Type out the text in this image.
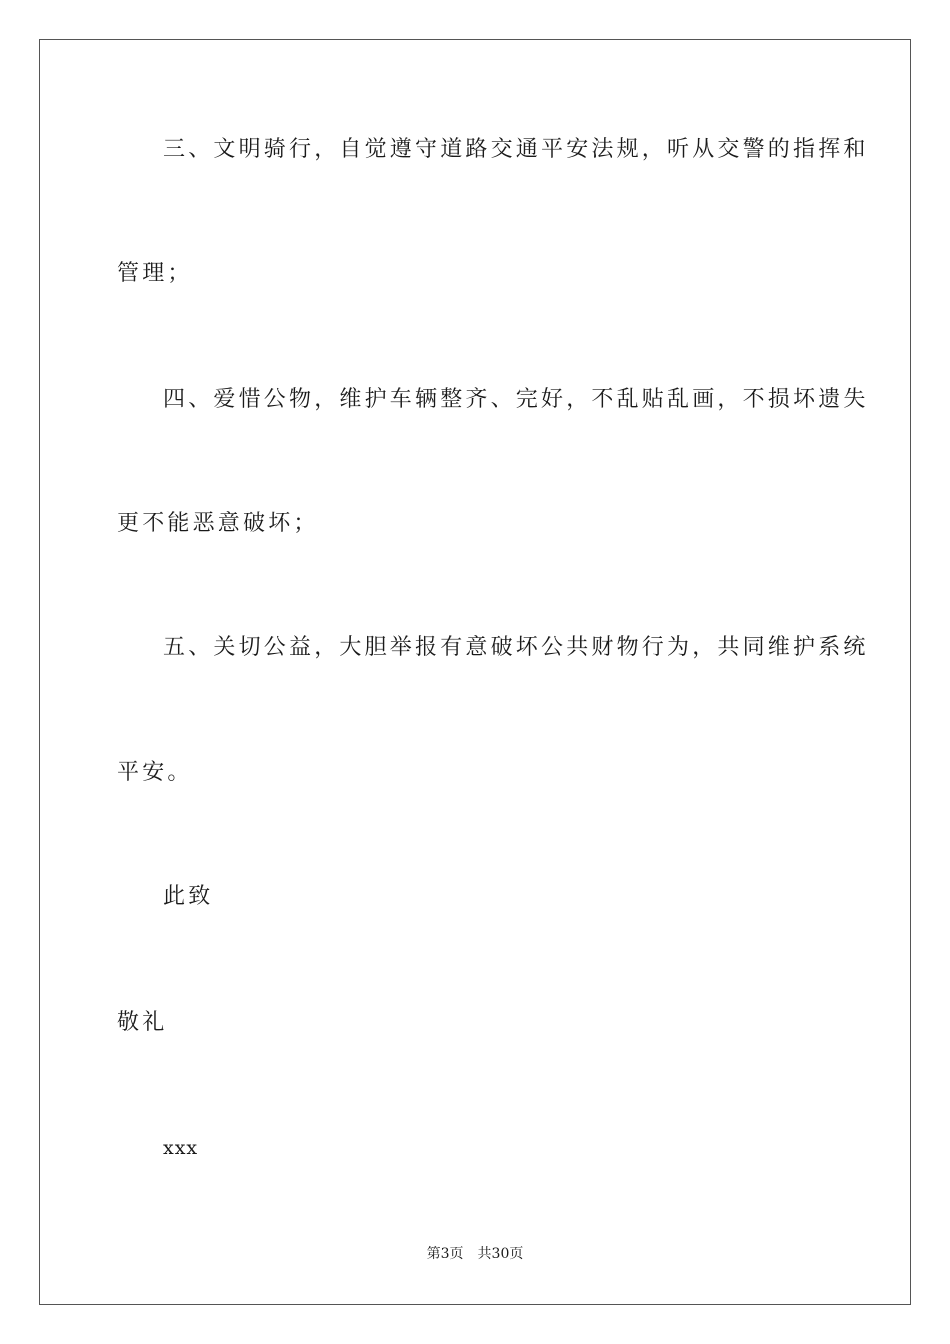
三、文明骑行，自觉遵守道路交通平安法规，听从交警的指挥和
管理；
四、爱惜公物，维护车辆整齐、完好，不乱贴乱画，不损坏遗失
更不能恶意破坏；
五、关切公益，大胆举报有意破坏公共财物行为，共同维护系统
平安。
此致
敬礼
xxx
第3页 共30页
